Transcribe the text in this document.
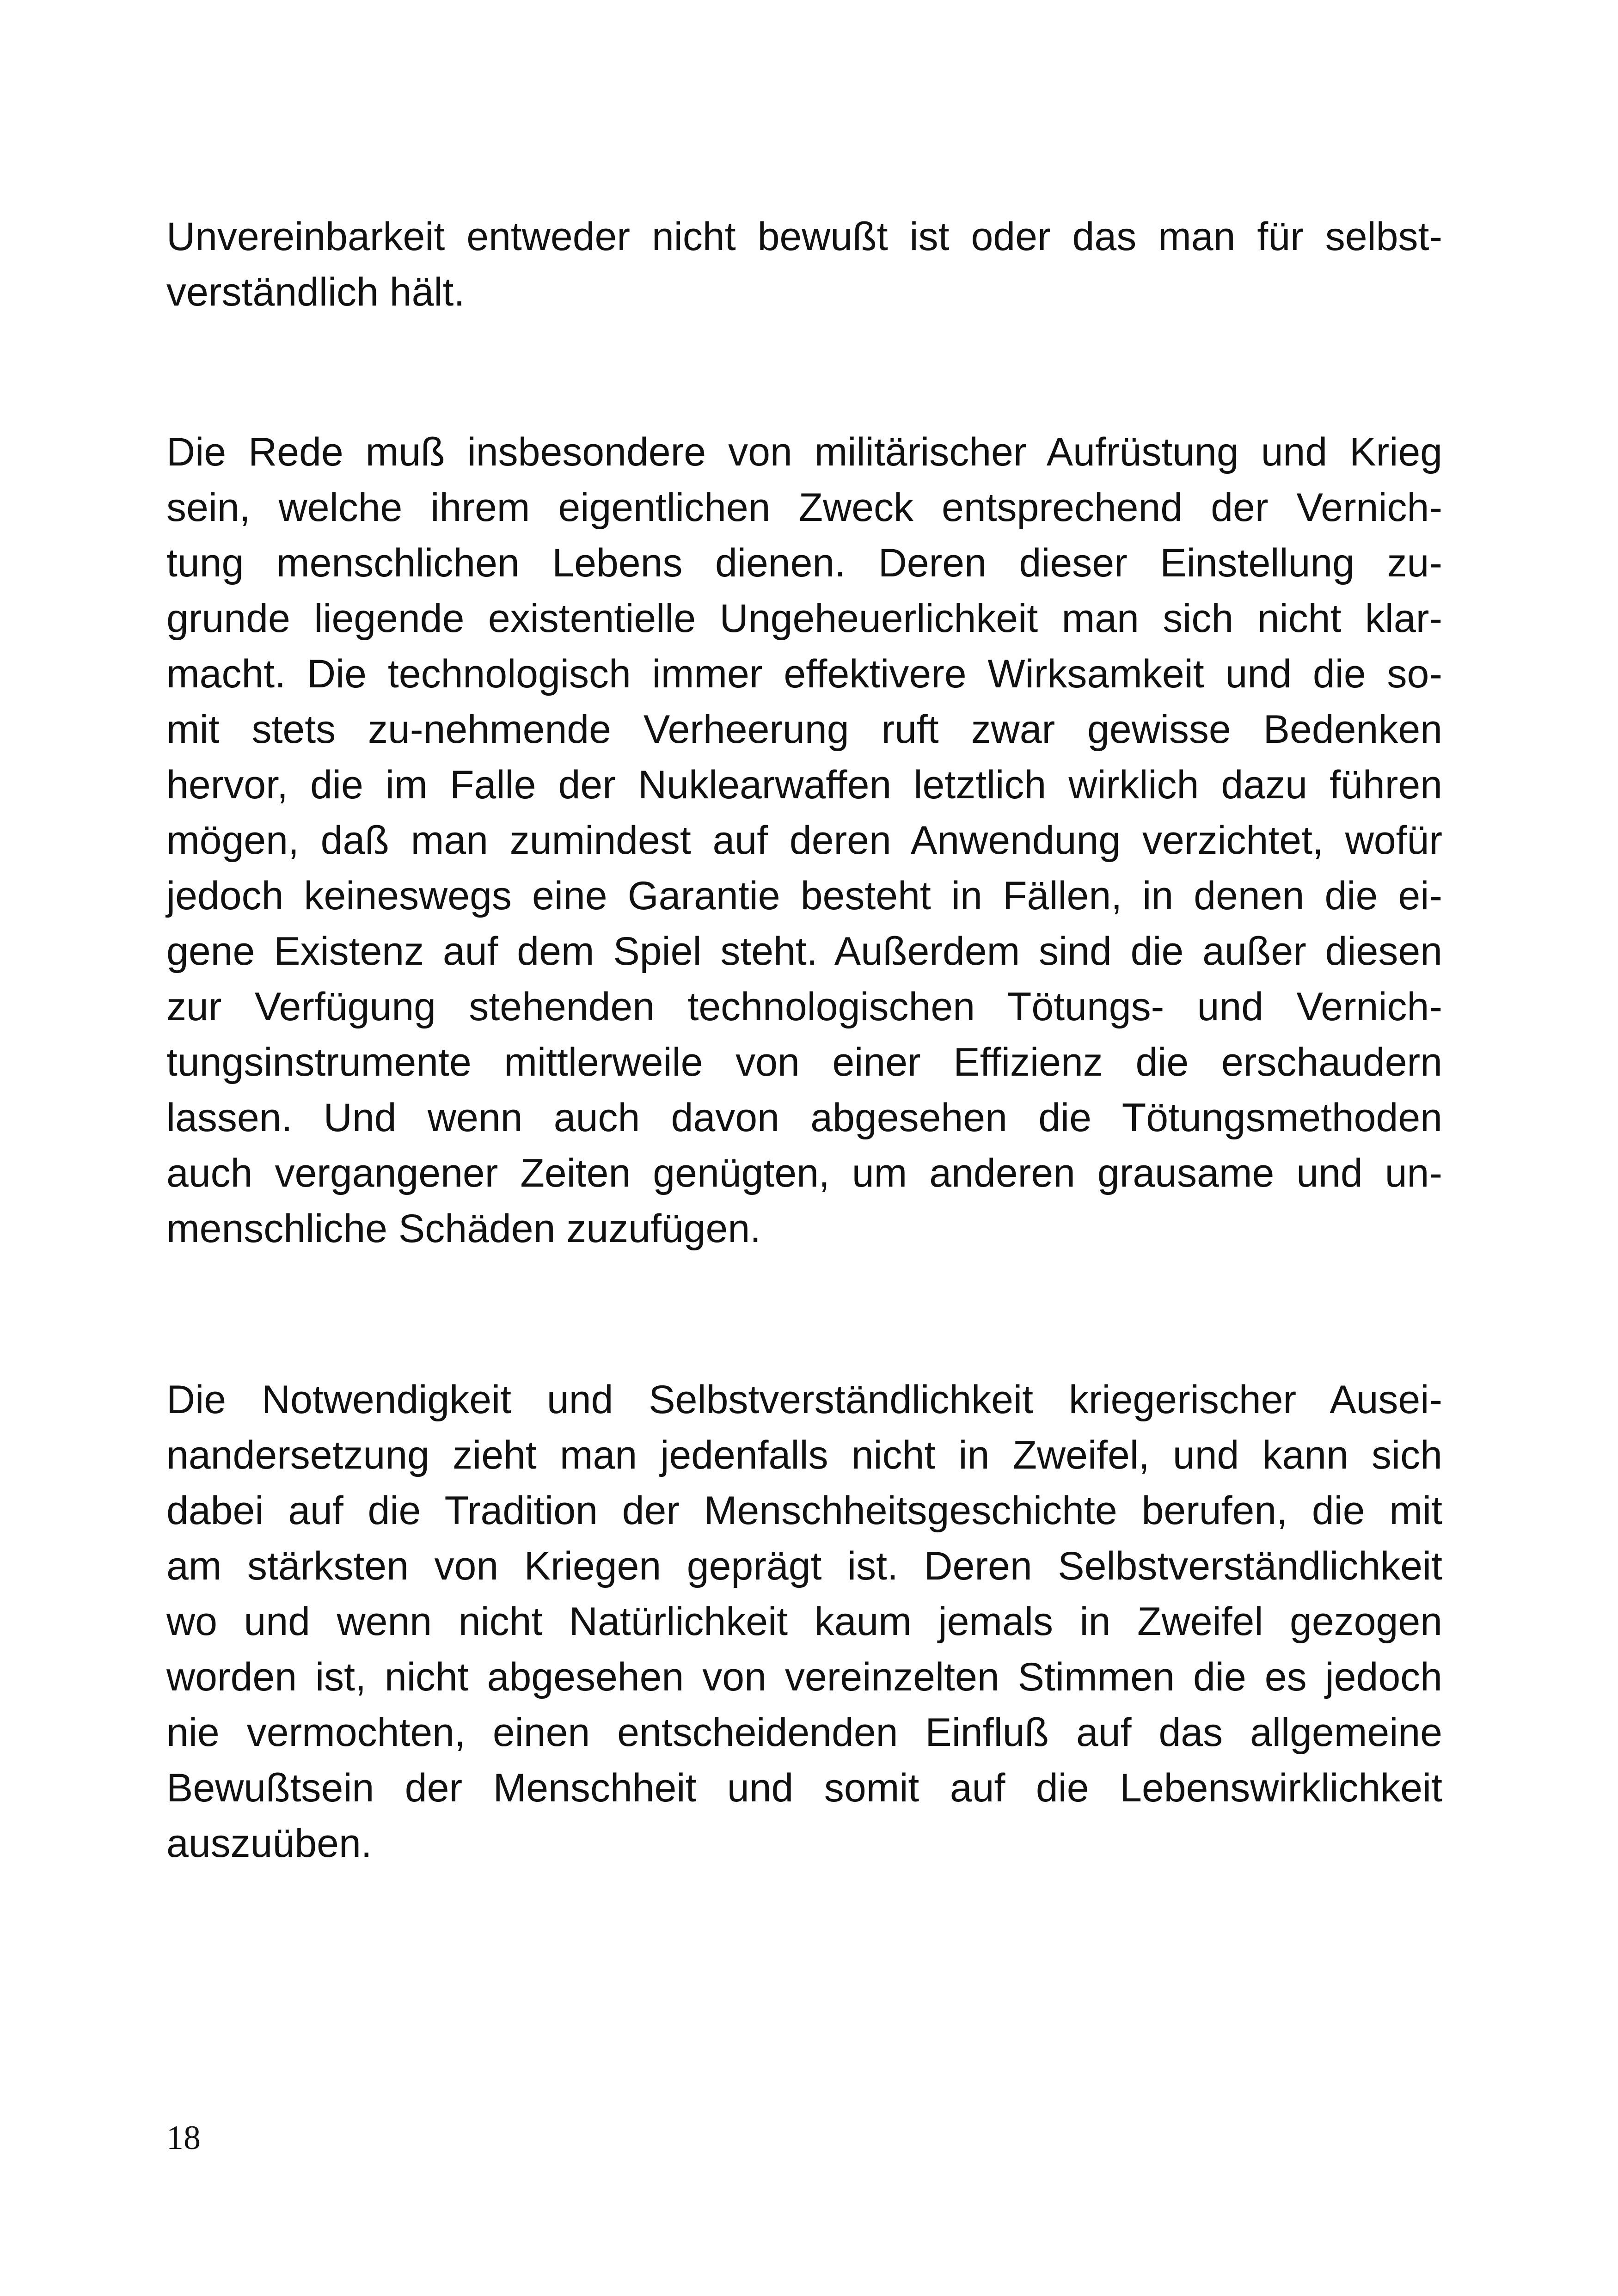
Unvereinbarkeit entweder nicht bewußt ist oder das man für selbst-
verständlich hält.

Die Rede muß insbesondere von militärischer Aufrüstung und Krieg
sein, welche ihrem eigentlichen Zweck entsprechend der Vernich-
tung menschlichen Lebens dienen. Deren dieser Einstellung zu-
grunde liegende existentielle Ungeheuerlichkeit man sich nicht klar-
macht. Die technologisch immer effektivere Wirksamkeit und die so-
mit stets zu-nehmende Verheerung ruft zwar gewisse Bedenken
hervor, die im Falle der Nuklearwaffen letztlich wirklich dazu führen
mögen, daß man zumindest auf deren Anwendung verzichtet, wofür
jedoch keineswegs eine Garantie besteht in Fällen, in denen die ei-
gene Existenz auf dem Spiel steht. Außerdem sind die außer diesen
zur Verfügung stehenden technologischen Tötungs- und Vernich-
tungsinstrumente mittlerweile von einer Effizienz die erschaudern
lassen. Und wenn auch davon abgesehen die Tötungsmethoden
auch vergangener Zeiten genügten, um anderen grausame und un-
menschliche Schäden zuzufügen.

Die Notwendigkeit und Selbstverständlichkeit kriegerischer Ausei-
nandersetzung zieht man jedenfalls nicht in Zweifel, und kann sich
dabei auf die Tradition der Menschheitsgeschichte berufen, die mit
am stärksten von Kriegen geprägt ist. Deren Selbstverständlichkeit
wo und wenn nicht Natürlichkeit kaum jemals in Zweifel gezogen
worden ist, nicht abgesehen von vereinzelten Stimmen die es jedoch
nie vermochten, einen entscheidenden Einfluß auf das allgemeine
Bewußtsein der Menschheit und somit auf die Lebenswirklichkeit
auszuüben.

18
